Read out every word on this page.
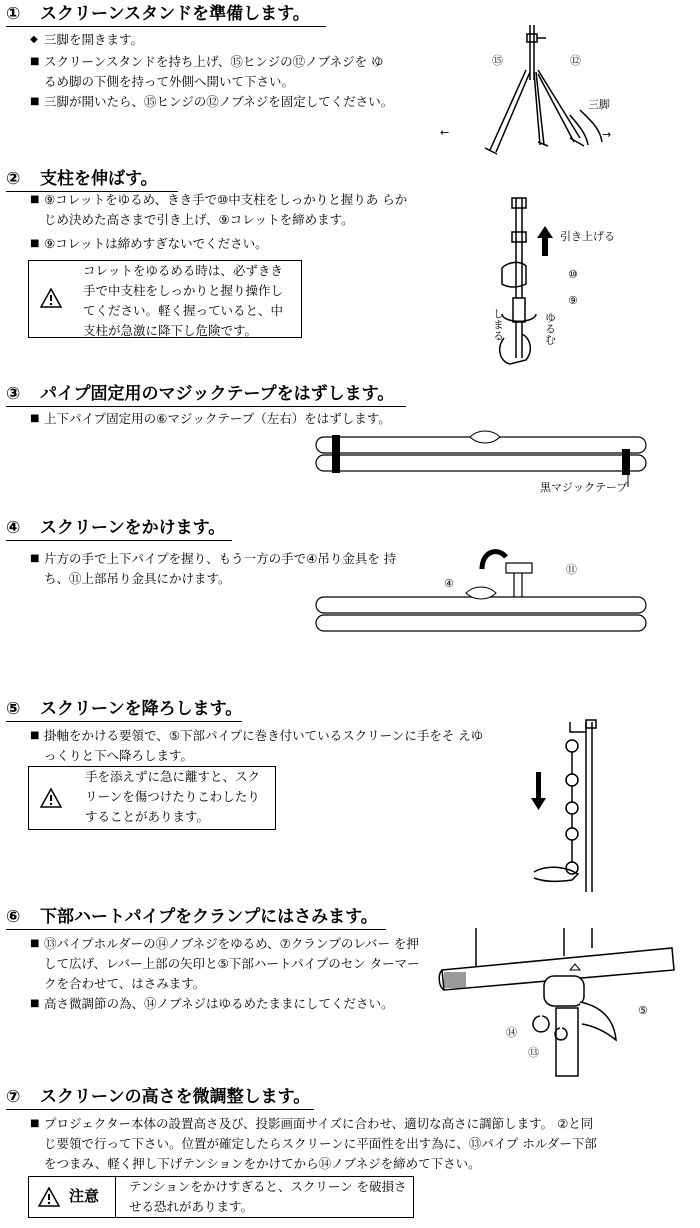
① スクリーンスタンドを準備します。
◆ 三脚を開きます。
■ スクリーンスタンドを持ち上げ、⑮ヒンジの⑫ノブネジを ゆるめ脚の下側を持って外側へ開いて下さい。
■ 三脚が開いたら、⑮ヒンジの⑫ノブネジを固定してください。
⑮	⑫
三脚
←	→
② 支柱を伸ばす。
■ ⑨コレットをゆるめ、きき手で⑩中支柱をしっかりと握りあ らかじめ決めた高さまで引き上げ、⑨コレットを締めます。
■ ⑨コレットは締めすぎないでください。
コレットをゆるめる時は、必ずきき 手で中支柱をしっかりと握り操作し てください。軽く握っていると、中 支柱が急激に降下し危険です。
引き上げる
⑩
⑨
しまる	ゆるむ
③ パイプ固定用のマジックテープをはずします。
■ 上下パイプ固定用の⑥マジックテープ（左右）をはずします。
黒マジックテープ
④ スクリーンをかけます。
■ 片方の手で上下パイプを握り、もう一方の手で④吊り金具を 持ち、⑪上部吊り金具にかけます。	④
⑪
⑤ スクリーンを降ろします。
■ 掛軸をかける要領で、⑤下部パイプに巻き付いているスクリーンに手をそ えゆっくりと下へ降ろします。
手を添えずに急に離すと、スク リーンを傷つけたりこわしたり することがあります。
⑥ 下部ハートパイプをクランプにはさみます。
■ ⑬パイプホルダーの⑭ノブネジをゆるめ、⑦クランプのレバー を押して広げ、レバー上部の矢印と⑤下部ハートパイプのセン ターマークを合わせて、はさみます。
■ 高さ微調節の為、⑭ノブネジはゆるめたままにしてください。	⑤
⑭
⑬
⑦ スクリーンの高さを微調整します。
■ プロジェクター本体の設置高さ及び、投影画面サイズに合わせ、適切な高さに調節します。 ②と同じ要領で行って下さい。位置が確定したらスクリーンに平面性を出す為に、⑬パイプ ホルダー下部をつまみ、軽く押し下げテンションをかけてから⑭ノブネジを締めて下さい。
注意
テンションをかけすぎると、スクリーン を破損させる恐れがあります。
